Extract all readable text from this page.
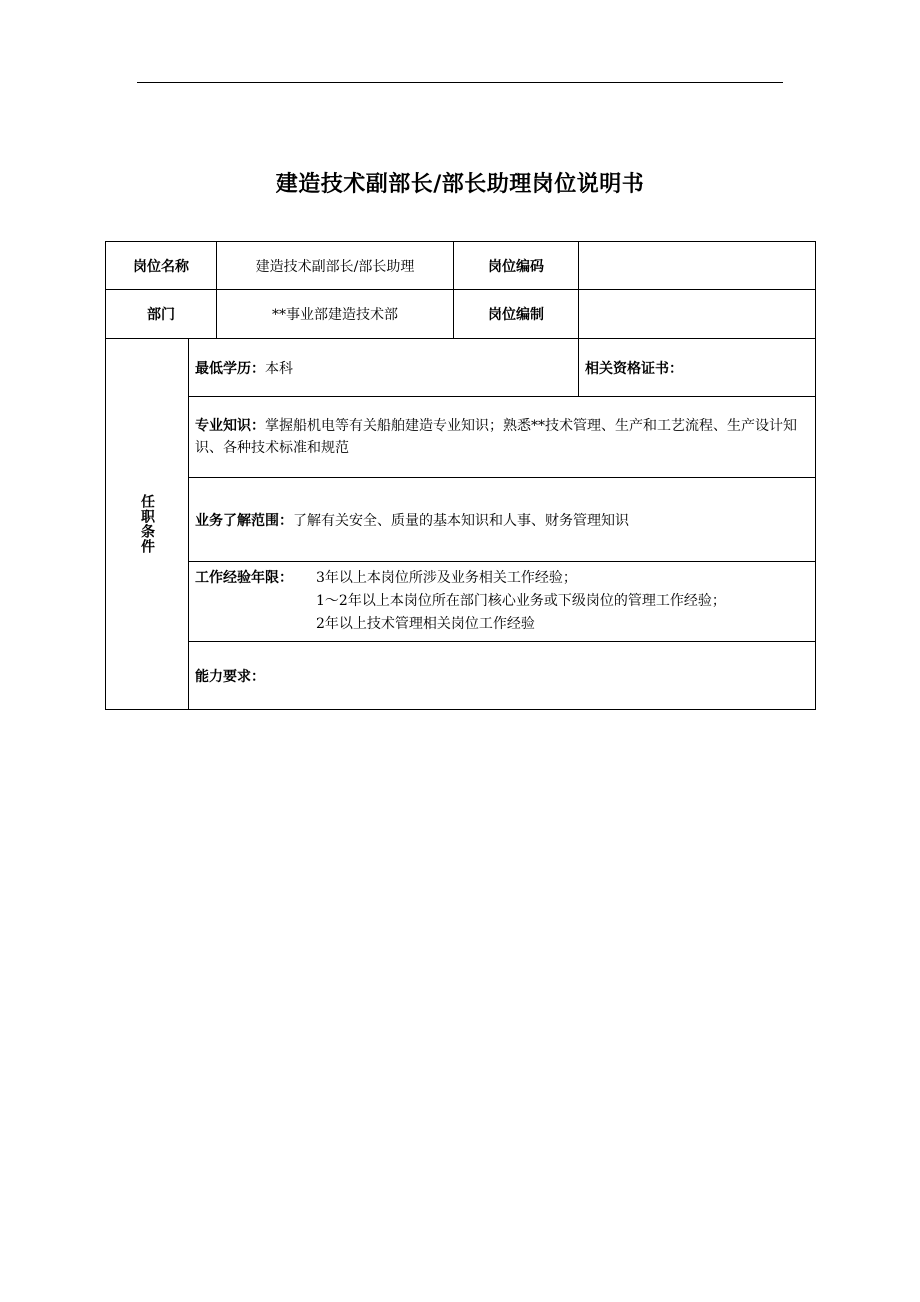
建造技术副部长/部长助理岗位说明书
岗位名称		建造技术副部长/部长助理	岗位编码	
部门		**事业部建造技术部	岗位编制	

任职条件	最低学历：本科			相关资格证书：

	专业知识：掌握船机电等有关船舶建造专业知识；熟悉**技术管理、生产和工艺流程、生产设计知识、各种技术标准和规范			

	业务了解范围：了解有关安全、质量的基本知识和人事、财务管理知识			

	工作经验年限： 3年以上本岗位所涉及业务相关工作经验；
1～2年以上本岗位所在部门核心业务或下级岗位的管理工作经验；
2年以上技术管理相关岗位工作经验			

	能力要求：			
